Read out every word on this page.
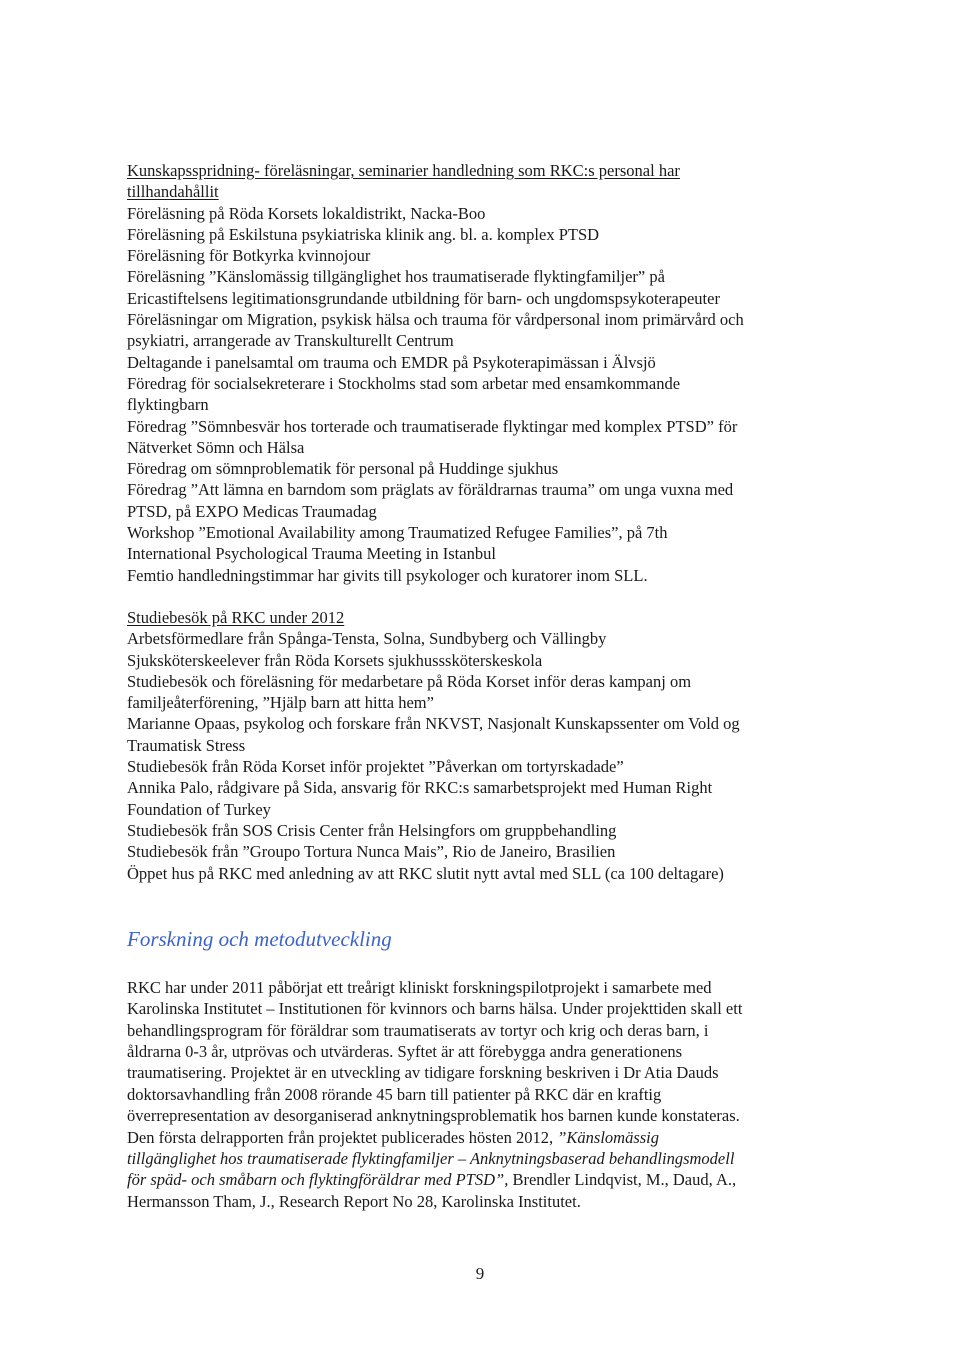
Kunskapsspridning- föreläsningar, seminarier handledning som RKC:s personal har
tillhandahållit
Föreläsning på Röda Korsets lokaldistrikt, Nacka-Boo
Föreläsning på Eskilstuna psykiatriska klinik ang. bl. a. komplex PTSD
Föreläsning för Botkyrka kvinnojour
Föreläsning ”Känslomässig tillgänglighet hos traumatiserade flyktingfamiljer” på
Ericastiftelsens legitimationsgrundande utbildning för barn- och ungdomspsykoterapeuter
Föreläsningar om Migration, psykisk hälsa och trauma för vårdpersonal inom primärvård och
psykiatri, arrangerade av Transkulturellt Centrum
Deltagande i panelsamtal om trauma och EMDR på Psykoterapimässan i Älvsjö
Föredrag för socialsekreterare i Stockholms stad som arbetar med ensamkommande
flyktingbarn
Föredrag ”Sömnbesvär hos torterade och traumatiserade flyktingar med komplex PTSD” för
Nätverket Sömn och Hälsa
Föredrag om sömnproblematik för personal på Huddinge sjukhus
Föredrag ”Att lämna en barndom som präglats av föräldrarnas trauma” om unga vuxna med
PTSD, på EXPO Medicas Traumadag
Workshop ”Emotional Availability among Traumatized Refugee Families”, på 7th
International Psychological Trauma Meeting in Istanbul
Femtio handledningstimmar har givits till psykologer och kuratorer inom SLL.
Studiebesök på RKC under 2012
Arbetsförmedlare från Spånga-Tensta, Solna, Sundbyberg och Vällingby
Sjuksköterskeelever från Röda Korsets sjukhusssköterskeskola
Studiebesök och föreläsning för medarbetare på Röda Korset inför deras kampanj om
familjeåterförening, ”Hjälp barn att hitta hem”
Marianne Opaas, psykolog och forskare från NKVST, Nasjonalt Kunskapssenter om Vold og
Traumatisk Stress
Studiebesök från Röda Korset inför projektet ”Påverkan om tortyrskadade”
Annika Palo, rådgivare på Sida, ansvarig för RKC:s samarbetsprojekt med Human Right
Foundation of Turkey
Studiebesök från SOS Crisis Center från Helsingfors om gruppbehandling
Studiebesök från ”Groupo Tortura Nunca Mais”, Rio de Janeiro, Brasilien
Öppet hus på RKC med anledning av att RKC slutit nytt avtal med SLL (ca 100 deltagare)
Forskning och metodutveckling
RKC har under 2011 påbörjat ett treårigt kliniskt forskningspilotprojekt i samarbete med
Karolinska Institutet – Institutionen för kvinnors och barns hälsa. Under projekttiden skall ett
behandlingsprogram för föräldrar som traumatiserats av tortyr och krig och deras barn, i
åldrarna 0-3 år, utprövas och utvärderas. Syftet är att förebygga andra generationens
traumatisering. Projektet är en utveckling av tidigare forskning beskriven i Dr Atia Dauds
doktorsavhandling från 2008 rörande 45 barn till patienter på RKC där en kraftig
överrepresentation av desorganiserad anknytningsproblematik hos barnen kunde konstateras.
Den första delrapporten från projektet publicerades hösten 2012, ”Känslomässig
tillgänglighet hos traumatiserade flyktingfamiljer – Anknytningsbaserad behandlingsmodell
för späd- och småbarn och flyktingföräldrar med PTSD”, Brendler Lindqvist, M., Daud, A.,
Hermansson Tham, J., Research Report No 28, Karolinska Institutet.
9
